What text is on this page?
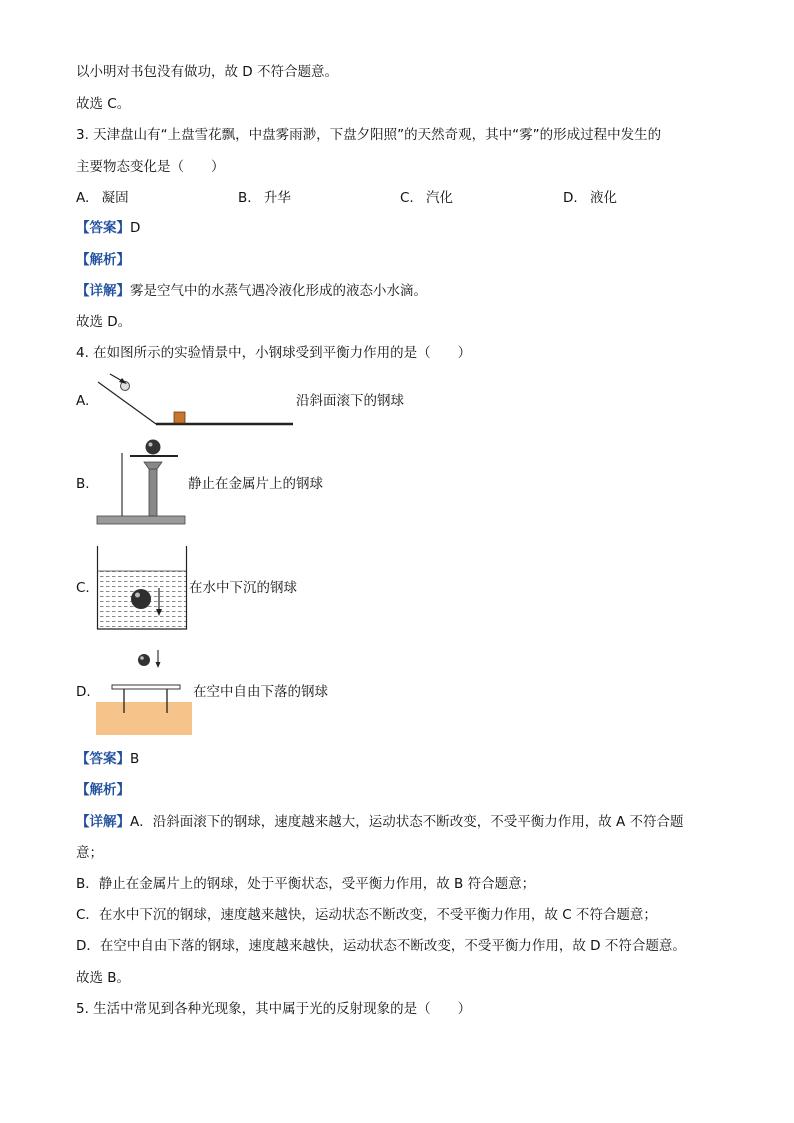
以小明对书包没有做功，故 D 不符合题意。
故选 C。
3. 天津盘山有“上盘雪花飘，中盘雾雨渺，下盘夕阳照”的天然奇观，其中“雾”的形成过程中发生的
主要物态变化是（　　）
A. 凝固	B. 升华	C. 汽化	D. 液化
【答案】D
【解析】
【详解】雾是空气中的水蒸气遇冷液化形成的液态小水滴。
故选 D。
4. 在如图所示的实验情景中，小钢球受到平衡力作用的是（　　）
A.	沿斜面滚下的钢球
B.	静止在金属片上的钢球
C.	在水中下沉的钢球
D.	在空中自由下落的钢球
【答案】B
【解析】
【详解】A．沿斜面滚下的钢球，速度越来越大，运动状态不断改变，不受平衡力作用，故 A 不符合题
意；
B．静止在金属片上的钢球，处于平衡状态，受平衡力作用，故 B 符合题意；
C．在水中下沉的钢球，速度越来越快，运动状态不断改变，不受平衡力作用，故 C 不符合题意；
D．在空中自由下落的钢球，速度越来越快，运动状态不断改变，不受平衡力作用，故 D 不符合题意。
故选 B。
5. 生活中常见到各种光现象，其中属于光的反射现象的是（　　）
